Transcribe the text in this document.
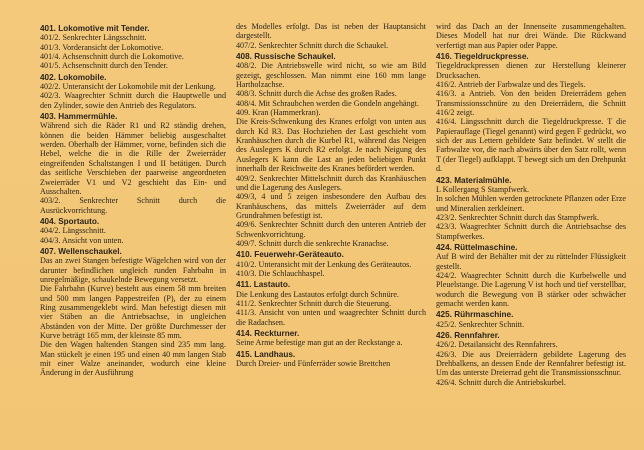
401. Lokomotive mit Tender.
401/2. Senkrechter Längsschnitt.
401/3. Vorderansicht der Lokomotive.
401/4. Achsenschnitt durch die Lokomotive.
401/5. Achsenschnitt durch den Tender.
402. Lokomobile.
402/2. Unteransicht der Lokomobile mit der Lenkung.
402/3. Waagrechter Schnitt durch die Hauptwelle und den Zylinder, sowie den Antrieb des Regulators.
403. Hammermühle.
Während sich die Räder R1 und R2 ständig drehen, können die beiden Hämmer beliebig ausgeschaltet werden. Oberhalb der Hämmer, vorne, befinden sich die Hebel, welche die in die Rille der Zweierräder eingreifenden Schaltstangen I und II betätigen. Durch das seitliche Verschieben der paarweise angeordneten Zweierräder V1 und V2 geschieht das Ein- und Ausschalten.
403/2. Senkrechter Schnitt durch die Ausrückvorrichtung.
404. Sportauto.
404/2. Längsschnitt.
404/3. Ansicht von unten.
407. Wellenschaukel.
Das an zwei Stangen befestigte Wägelchen wird von der darunter befindlichen ungleich runden Fahrbahn in unregelmäßige, schaukelnde Bewegung versetzt.
Die Fahrbahn (Kurve) besteht aus einem 58 mm breiten und 500 mm langen Pappestreifen (P), der zu einem Ring zusammengeklebt wird. Man befestigt diesen mit vier Stäben an die Antriebsachse, in ungleichen Abständen von der Mitte. Der größte Durchmesser der Kurve beträgt 165 mm, der kleinste 85 mm.
Die den Wagen haltenden Stangen sind 235 mm lang. Man stückelt je einen 195 und einen 40 mm langen Stab mit einer Walze aneinander, wodurch eine kleine Änderung in der Ausführung
des Modelles erfolgt. Das ist neben der Hauptansicht dargestellt.
407/2. Senkrechter Schnitt durch die Schaukel.
408. Russische Schaukel.
408/2. Die Antriebswelle wird nicht, so wie am Bild gezeigt, geschlossen. Man nimmt eine 160 mm lange Hartholzachse.
408/3. Schnitt durch die Achse des großen Rades.
408/4. Mit Schraubchen werden die Gondeln angehängt.
409. Kran (Hammerkran).
Die Kreis-Schwenkung des Kranes erfolgt von unten aus durch Kd R3. Das Hochziehen der Last geschieht vom Kranhäuschen durch die Kurbel R1, während das Neigen des Auslegers K durch R2 erfolgt. Je nach Neigung des Auslegers K kann die Last an jeden beliebigen Punkt innerhalb der Reichweite des Kranes befördert werden.
409/2. Senkrechter Mittelschnitt durch das Kranhäuschen und die Lagerung des Auslegers.
409/3, 4 und 5 zeigen insbesondere den Aufbau des Kranhäuschens, das mittels Zweierräder auf dem Grundrahmen befestigt ist.
409/6. Senkrechter Schnitt durch den unteren Antrieb der Schwenkvorrichtung.
409/7. Schnitt durch die senkrechte Kranachse.
410. Feuerwehr-Geräteauto.
410/2. Unteransicht mit der Lenkung des Geräteautos.
410/3. Die Schlauchhaspel.
411. Lastauto.
Die Lenkung des Lastautos erfolgt durch Schnüre.
411/2. Senkrechter Schnitt durch die Steuerung.
411/3. Ansicht von unten und waagrechter Schnitt durch die Radachsen.
414. Reckturner.
Seine Arme befestige man gut an der Reckstange a.
415. Landhaus.
Durch Dreier- und Fünferräder sowie Brettchen
wird das Dach an der Innenseite zusammengehalten. Dieses Modell hat nur drei Wände. Die Rückwand verfertigt man aus Papier oder Pappe.
416. Tiegeldruckpresse.
Tiegeldruckpressen dienen zur Herstellung kleinerer Drucksachen.
416/2. Antrieb der Farbwalze und des Tiegels.
416/3. a Antrieb. Von den beiden Dreierrädern gehen Transmissionsschnüre zu den Dreierrädern, die Schnitt 416/2 zeigt.
416/4. Längsschnitt durch die Tiegeldruckpresse. T die Papierauflage (Tiegel genannt) wird gegen F gedrückt, wo sich der aus Lettern gebildete Satz befindet. W stellt die Farbwalze vor, die nach abwärts über den Satz rollt, wenn T (der Tiegel) aufklappt. T bewegt sich um den Drehpunkt d.
423. Materialmühle.
L Kollergang S Stampfwerk.
In solchen Mühlen werden getrocknete Pflanzen oder Erze und Mineralien zerkleinert.
423/2. Senkrechter Schnitt durch das Stampfwerk.
423/3. Waagrechter Schnitt durch die Antriebsachse des Stampfwerkes.
424. Rüttelmaschine.
Auf B wird der Behälter mit der zu rüttelnder Flüssigkeit gestellt.
424/2. Waagrechter Schnitt durch die Kurbelwelle und Pleuelstange. Die Lagerung V ist hoch und tief verstellbar, wodurch die Bewegung von B stärker oder schwächer gemacht werden kann.
425. Rührmaschine.
425/2. Senkrechter Schnitt.
426. Rennfahrer.
426/2. Detailansicht des Rennfahrers.
426/3. Die aus Dreierrädern gebildete Lagerung des Drehbalkens, an dessen Ende der Rennfahrer befestigt ist. Um das unterste Dreierrad geht die Transmissionsschnur.
426/4. Schnitt durch die Antriebskurbel.
